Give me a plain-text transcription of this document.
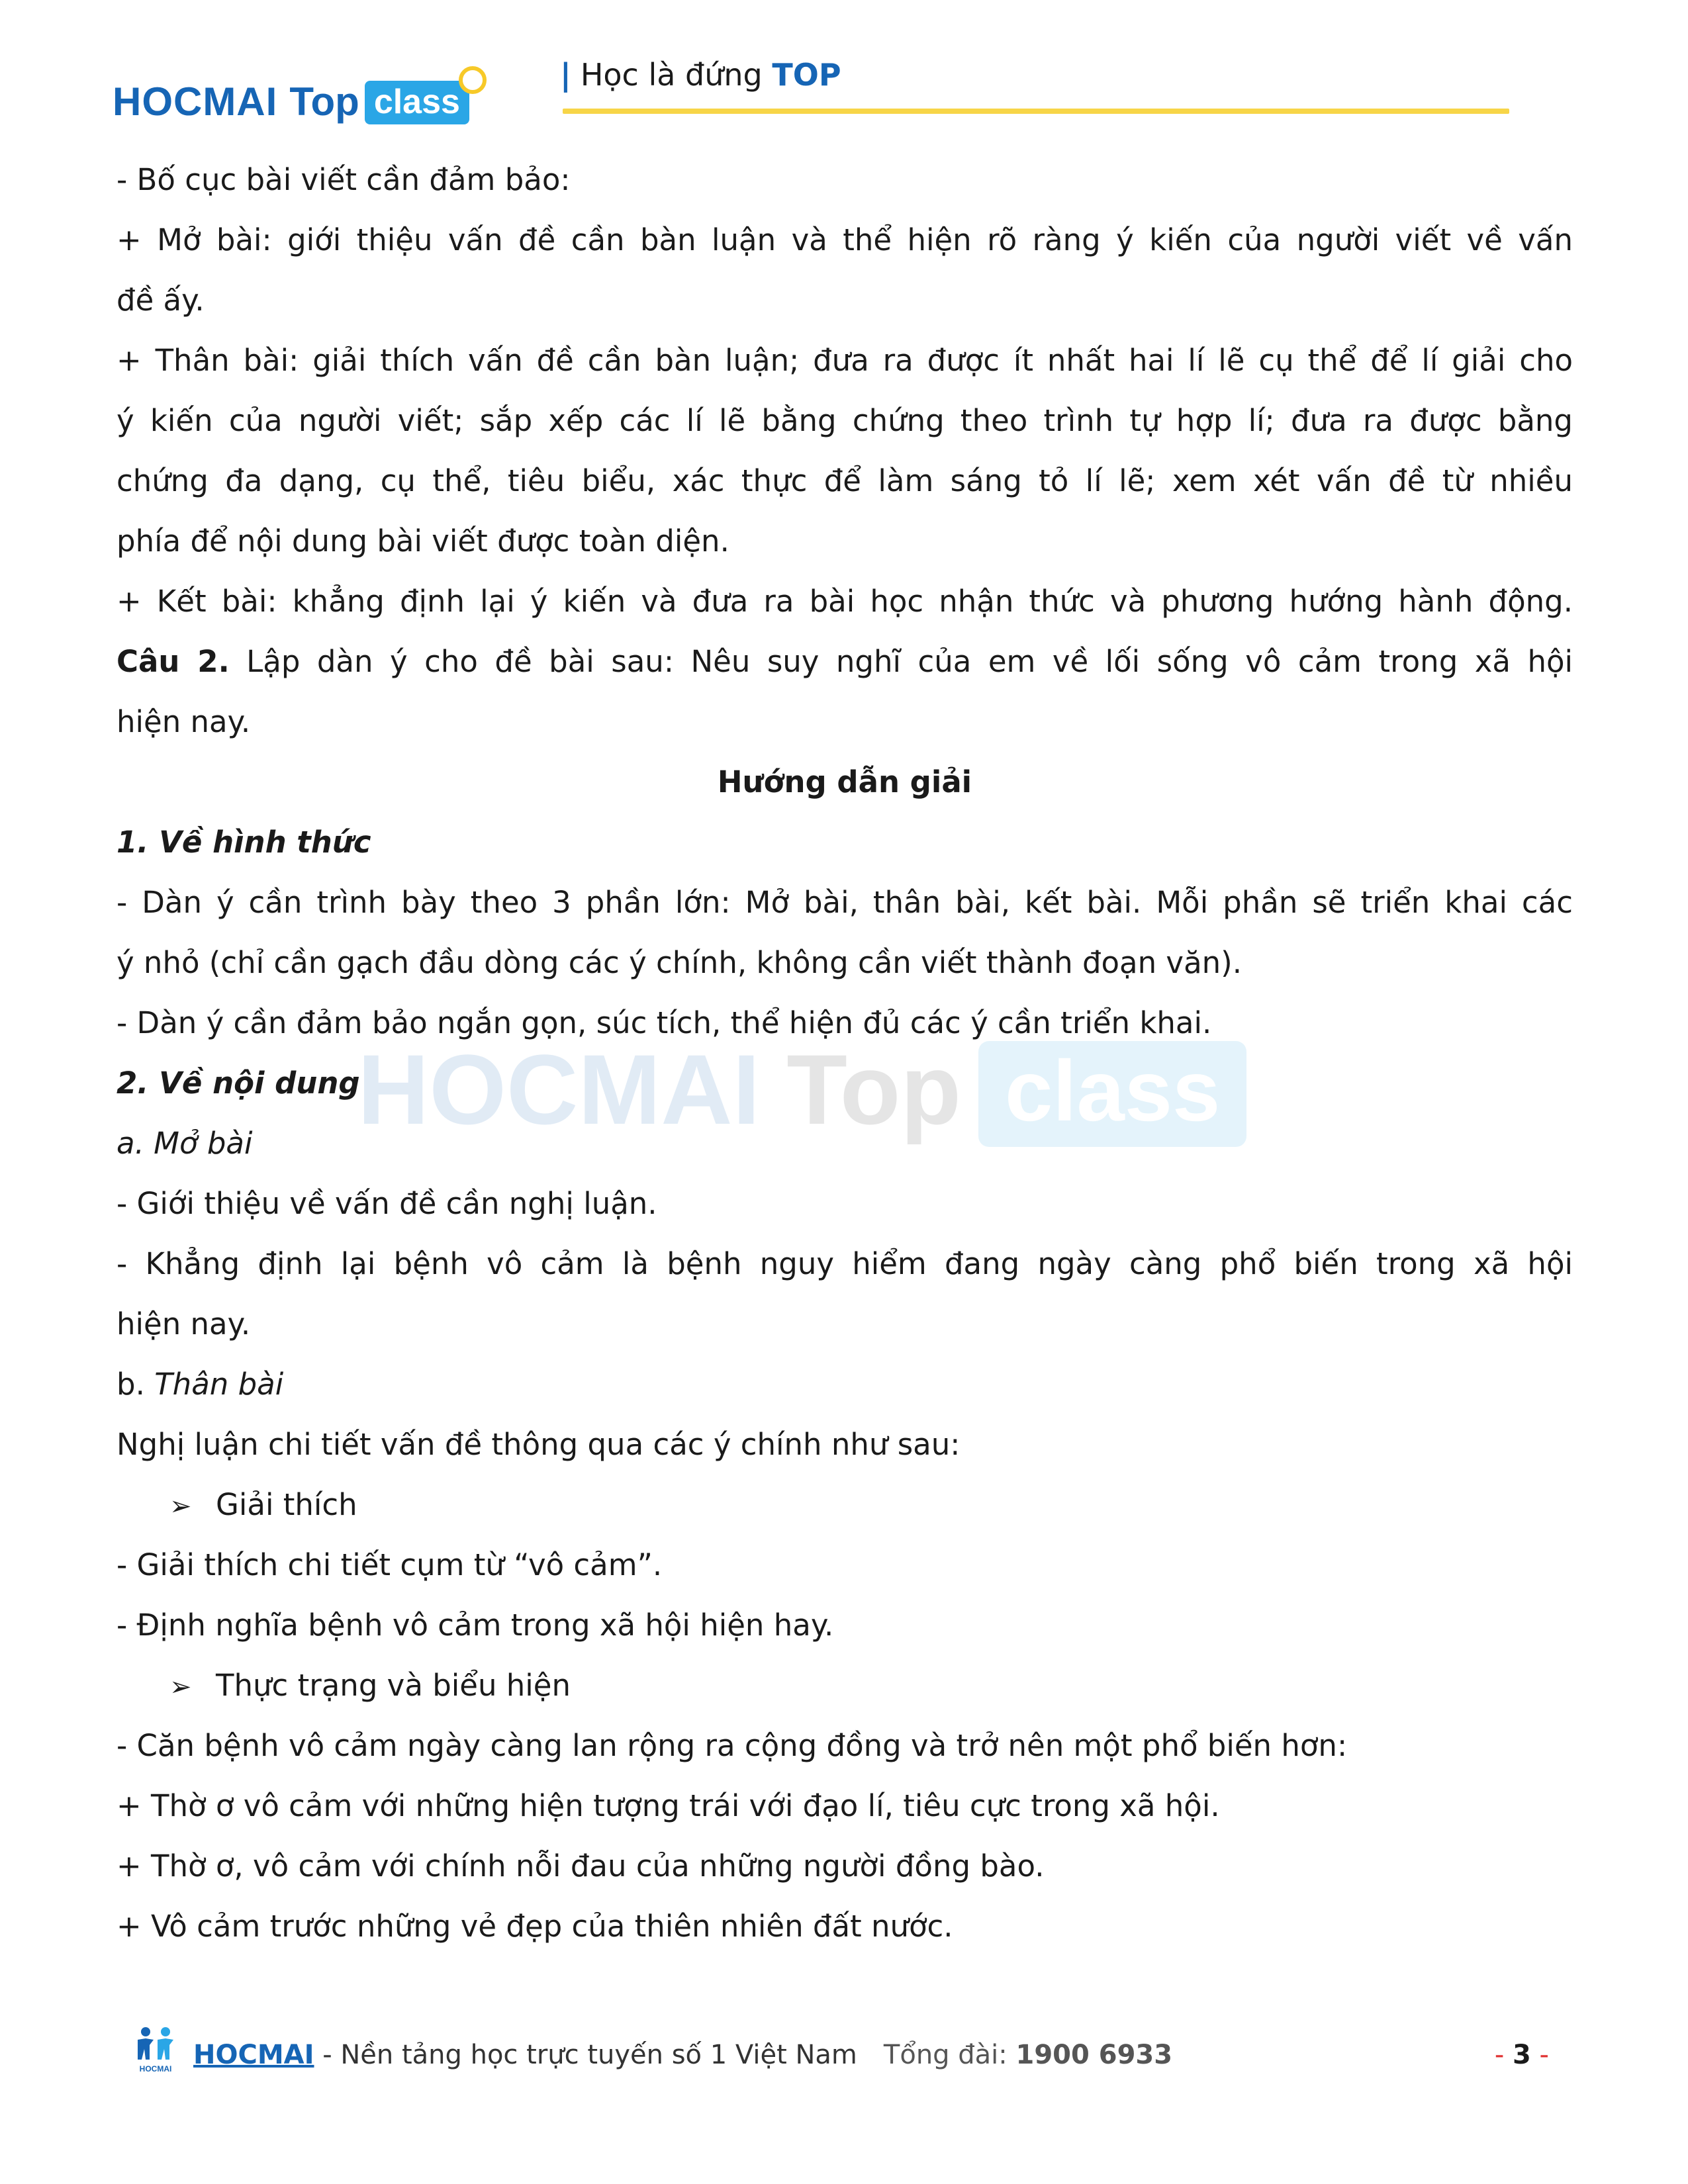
HOCMAI Top class
| Học là đứng TOP
HOCMAI Top class
- Bố cục bài viết cần đảm bảo:
+ Mở bài: giới thiệu vấn đề cần bàn luận và thể hiện rõ ràng ý kiến của người viết về vấn
đề ấy.
+ Thân bài: giải thích vấn đề cần bàn luận; đưa ra được ít nhất hai lí lẽ cụ thể để lí giải cho
ý kiến của người viết; sắp xếp các lí lẽ bằng chứng theo trình tự hợp lí; đưa ra được bằng
chứng đa dạng, cụ thể, tiêu biểu, xác thực để làm sáng tỏ lí lẽ; xem xét vấn đề từ nhiều
phía để nội dung bài viết được toàn diện.
+ Kết bài: khẳng định lại ý kiến và đưa ra bài học nhận thức và phương hướng hành động.
Câu 2. Lập dàn ý cho đề bài sau: Nêu suy nghĩ của em về lối sống vô cảm trong xã hội
hiện nay.
Hướng dẫn giải
1. Về hình thức
- Dàn ý cần trình bày theo 3 phần lớn: Mở bài, thân bài, kết bài. Mỗi phần sẽ triển khai các
ý nhỏ (chỉ cần gạch đầu dòng các ý chính, không cần viết thành đoạn văn).
- Dàn ý cần đảm bảo ngắn gọn, súc tích, thể hiện đủ các ý cần triển khai.
2. Về nội dung
a. Mở bài
- Giới thiệu về vấn đề cần nghị luận.
- Khẳng định lại bệnh vô cảm là bệnh nguy hiểm đang ngày càng phổ biến trong xã hội
hiện nay.
b. Thân bài
Nghị luận chi tiết vấn đề thông qua các ý chính như sau:
➢ Giải thích
- Giải thích chi tiết cụm từ “vô cảm”.
- Định nghĩa bệnh vô cảm trong xã hội hiện hay.
➢ Thực trạng và biểu hiện
- Căn bệnh vô cảm ngày càng lan rộng ra cộng đồng và trở nên một phổ biến hơn:
+ Thờ ơ vô cảm với những hiện tượng trái với đạo lí, tiêu cực trong xã hội.
+ Thờ ơ, vô cảm với chính nỗi đau của những người đồng bào.
+ Vô cảm trước những vẻ đẹp của thiên nhiên đất nước.
HOCMAI HOCMAI - Nền tảng học trực tuyến số 1 Việt Nam Tổng đài: 1900 6933	- 3 -
